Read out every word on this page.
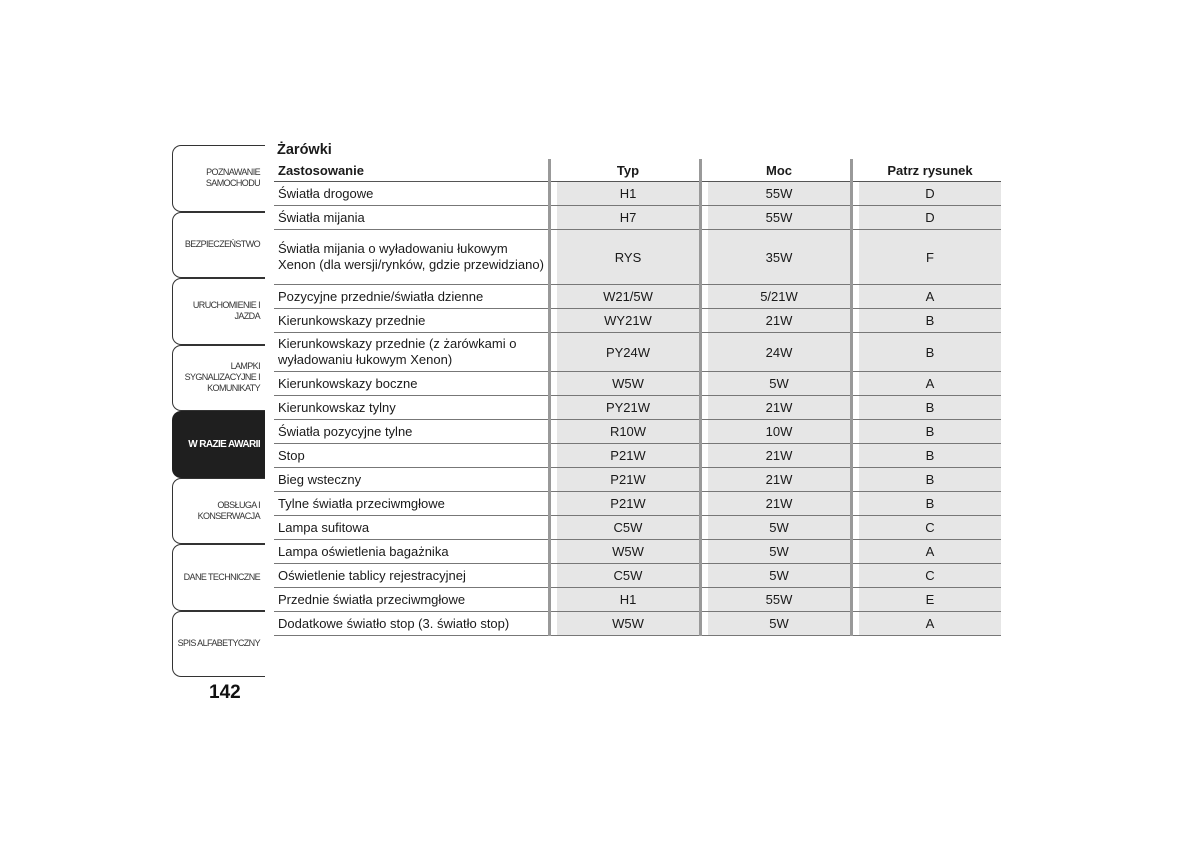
POZNAWANIE SAMOCHODU
BEZPIECZEŃSTWO
URUCHOMIENIE I JAZDA
LAMPKI SYGNALIZACYJNE I KOMUNIKATY
W RAZIE AWARII
OBSŁUGA I KONSERWACJA
DANE TECHNICZNE
SPIS ALFABETYCZNY
142
Żarówki
Zastosowanie		Typ		Moc		Patrz rysunek
Światła drogowe		H1		55W		D
Światła mijania		H7		55W		D
Światła mijania o wyładowaniu łukowym Xenon (dla wersji/rynków, gdzie przewidziano)		RYS		35W		F
Pozycyjne przednie/światła dzienne		W21/5W		5/21W		A
Kierunkowskazy przednie		WY21W		21W		B
Kierunkowskazy przednie (z żarówkami o wyładowaniu łukowym Xenon)		PY24W		24W		B
Kierunkowskazy boczne		W5W		5W		A
Kierunkowskaz tylny		PY21W		21W		B
Światła pozycyjne tylne		R10W		10W		B
Stop		P21W		21W		B
Bieg wsteczny		P21W		21W		B
Tylne światła przeciwmgłowe		P21W		21W		B
Lampa sufitowa		C5W		5W		C
Lampa oświetlenia bagażnika		W5W		5W		A
Oświetlenie tablicy rejestracyjnej		C5W		5W		C
Przednie światła przeciwmgłowe		H1		55W		E
Dodatkowe światło stop (3. światło stop)		W5W		5W		A
